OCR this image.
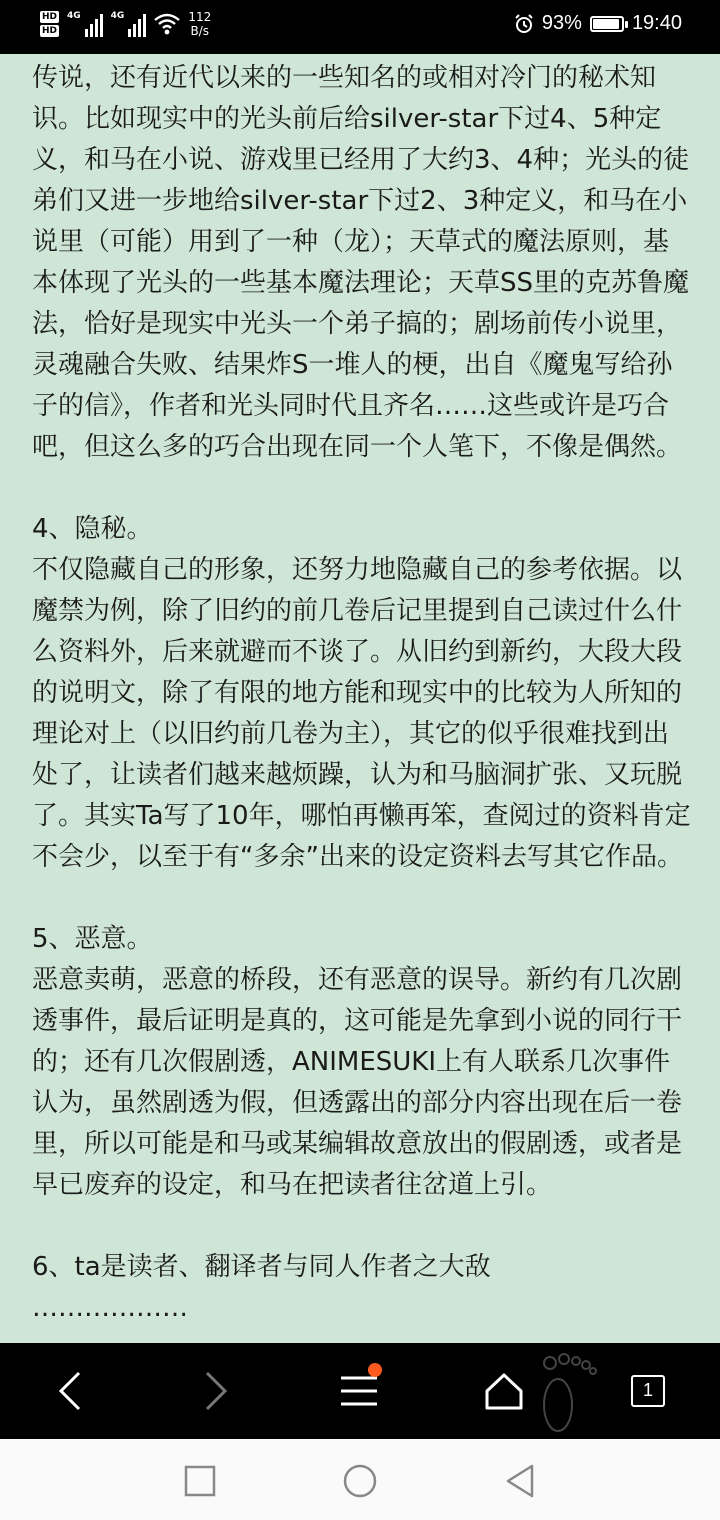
HD
HD
4G	4G	112
B/s	93%	19:40

传说，还有近代以来的一些知名的或相对冷门的秘术知识。比如现实中的光头前后给silver-star下过4、5种定义，和马在小说、游戏里已经用了大约3、4种；光头的徒弟们又进一步地给silver-star下过2、3种定义，和马在小说里（可能）用到了一种（龙）；天草式的魔法原则，基本体现了光头的一些基本魔法理论；天草SS里的克苏鲁魔法，恰好是现实中光头一个弟子搞的；剧场前传小说里，灵魂融合失败、结果炸S一堆人的梗，出自《魔鬼写给孙子的信》，作者和光头同时代且齐名……这些或许是巧合吧，但这么多的巧合出现在同一个人笔下，不像是偶然。

4、隐秘。

不仅隐藏自己的形象，还努力地隐藏自己的参考依据。以魔禁为例，除了旧约的前几卷后记里提到自己读过什么什么资料外，后来就避而不谈了。从旧约到新约，大段大段的说明文，除了有限的地方能和现实中的比较为人所知的理论对上（以旧约前几卷为主），其它的似乎很难找到出处了，让读者们越来越烦躁，认为和马脑洞扩张、又玩脱了。其实Ta写了10年，哪怕再懒再笨，查阅过的资料肯定不会少，以至于有“多余”出来的设定资料去写其它作品。

5、恶意。

恶意卖萌，恶意的桥段，还有恶意的误导。新约有几次剧透事件，最后证明是真的，这可能是先拿到小说的同行干的；还有几次假剧透，ANIMESUKI上有人联系几次事件认为，虽然剧透为假，但透露出的部分内容出现在后一卷里，所以可能是和马或某编辑故意放出的假剧透，或者是早已废弃的设定，和马在把读者往岔道上引。

6、ta是读者、翻译者与同人作者之大敌

………………

1
